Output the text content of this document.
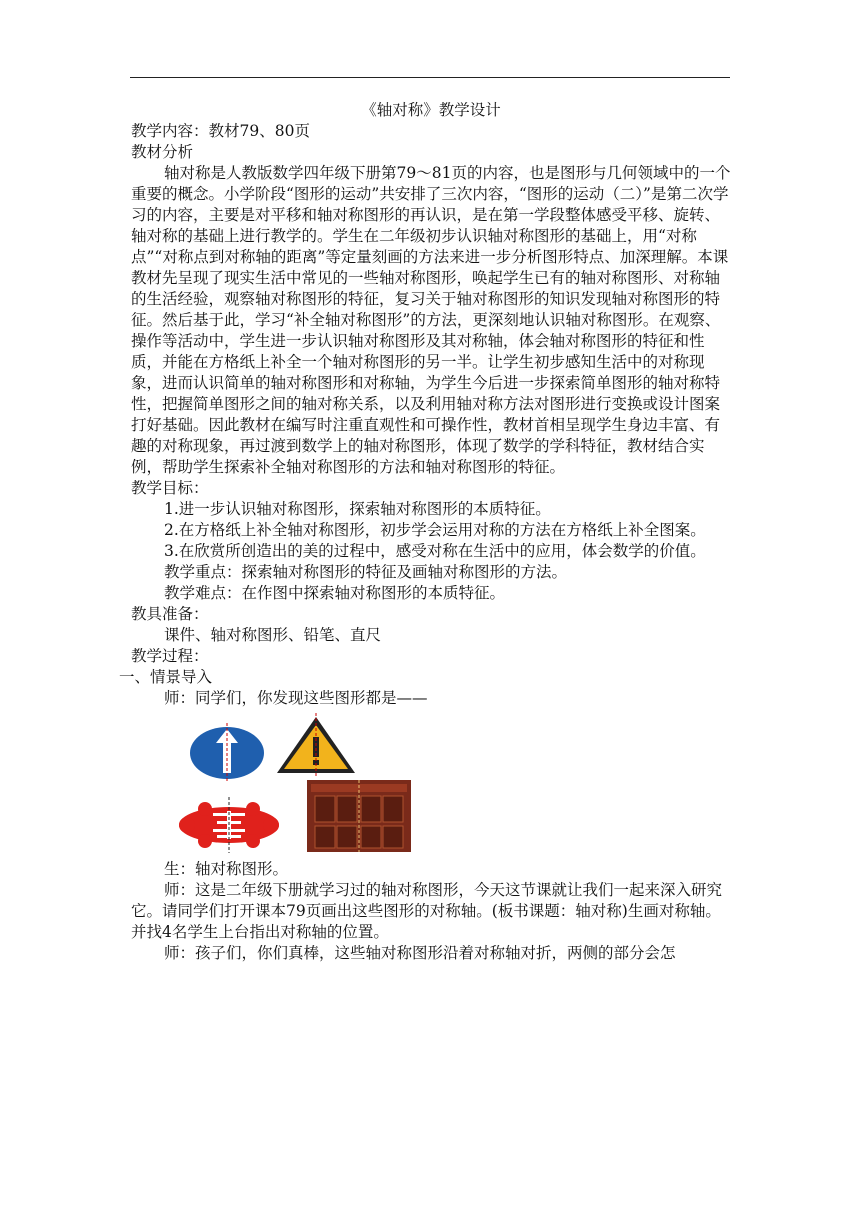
《轴对称》教学设计

教学内容：教材79、80页

教材分析

轴对称是人教版数学四年级下册第79～81页的内容，也是图形与几何领域中的一个重要的概念。小学阶段“图形的运动”共安排了三次内容，“图形的运动（二）”是第二次学习的内容，主要是对平移和轴对称图形的再认识，是在第一学段整体感受平移、旋转、轴对称的基础上进行教学的。学生在二年级初步认识轴对称图形的基础上，用“对称点”“对称点到对称轴的距离”等定量刻画的方法来进一步分析图形特点、加深理解。本课教材先呈现了现实生活中常见的一些轴对称图形，唤起学生已有的轴对称图形、对称轴的生活经验，观察轴对称图形的特征，复习关于轴对称图形的知识发现轴对称图形的特征。然后基于此，学习“补全轴对称图形”的方法，更深刻地认识轴对称图形。在观察、操作等活动中，学生进一步认识轴对称图形及其对称轴，体会轴对称图形的特征和性质，并能在方格纸上补全一个轴对称图形的另一半。让学生初步感知生活中的对称现象，进而认识简单的轴对称图形和对称轴，为学生今后进一步探索简单图形的轴对称特性，把握简单图形之间的轴对称关系，以及利用轴对称方法对图形进行变换或设计图案打好基础。因此教材在编写时注重直观性和可操作性，教材首相呈现学生身边丰富、有趣的对称现象，再过渡到数学上的轴对称图形，体现了数学的学科特征，教材结合实例，帮助学生探索补全轴对称图形的方法和轴对称图形的特征。

教学目标：

1.进一步认识轴对称图形，探索轴对称图形的本质特征。

2.在方格纸上补全轴对称图形，初步学会运用对称的方法在方格纸上补全图案。

3.在欣赏所创造出的美的过程中，感受对称在生活中的应用，体会数学的价值。

教学重点：探索轴对称图形的特征及画轴对称图形的方法。

教学难点：在作图中探索轴对称图形的本质特征。

教具准备：

课件、轴对称图形、铅笔、直尺

教学过程：

一、情景导入

师：同学们，你发现这些图形都是——

生：轴对称图形。

师：这是二年级下册就学习过的轴对称图形，今天这节课就让我们一起来深入研究它。请同学们打开课本79页画出这些图形的对称轴。(板书课题：轴对称)生画对称轴。并找4名学生上台指出对称轴的位置。

师：孩子们，你们真棒，这些轴对称图形沿着对称轴对折，两侧的部分会怎
